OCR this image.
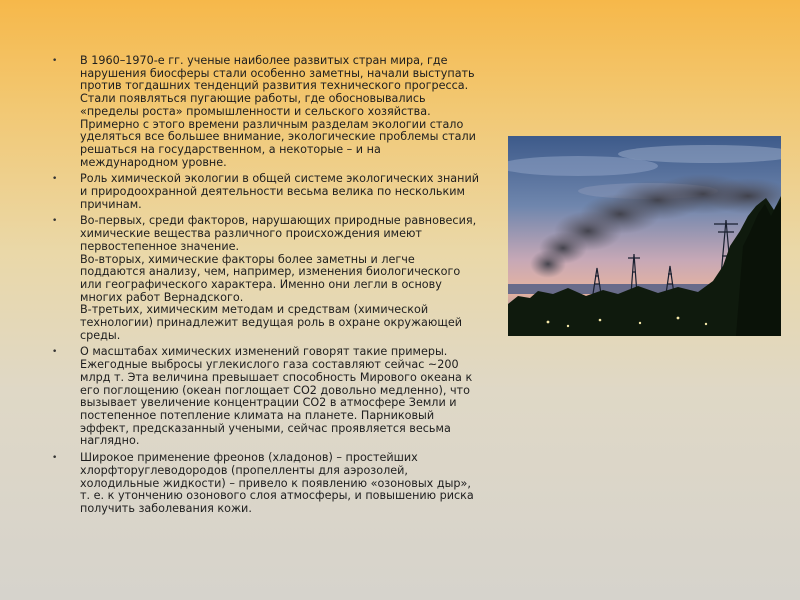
• В 1960–1970-е гг. ученые наиболее развитых стран мира, где
нарушения биосферы стали особенно заметны, начали выступать
против тогдашних тенденций развития технического прогресса.
Стали появляться пугающие работы, где обосновывались
«пределы роста» промышленности и сельского хозяйства.
Примерно с этого времени различным разделам экологии стало
уделяться все большее внимание, экологические проблемы стали
решаться на государственном, а некоторые – и на
международном уровне.
• Роль химической экологии в общей системе экологических знаний
и природоохранной деятельности весьма велика по нескольким
причинам.
• Во-первых, среди факторов, нарушающих природные равновесия,
химические вещества различного происхождения имеют
первостепенное значение.
Во-вторых, химические факторы более заметны и легче
поддаются анализу, чем, например, изменения биологического
или географического характера. Именно они легли в основу
многих работ Вернадского.
В-третьих, химическим методам и средствам (химической
технологии) принадлежит ведущая роль в охране окружающей
среды.
• О масштабах химических изменений говорят такие примеры.
Ежегодные выбросы углекислого газа составляют сейчас ~200
млрд т. Эта величина превышает способность Мирового океана к
его поглощению (океан поглощает СО2 довольно медленно), что
вызывает увеличение концентрации СО2 в атмосфере Земли и
постепенное потепление климата на планете. Парниковый
эффект, предсказанный учеными, сейчас проявляется весьма
наглядно.
• Широкое применение фреонов (хладонов) – простейших
хлорфторуглеводородов (пропелленты для аэрозолей,
холодильные жидкости) – привело к появлению «озоновых дыр»,
т. е. к утончению озонового слоя атмосферы, и повышению риска
получить заболевания кожи.
